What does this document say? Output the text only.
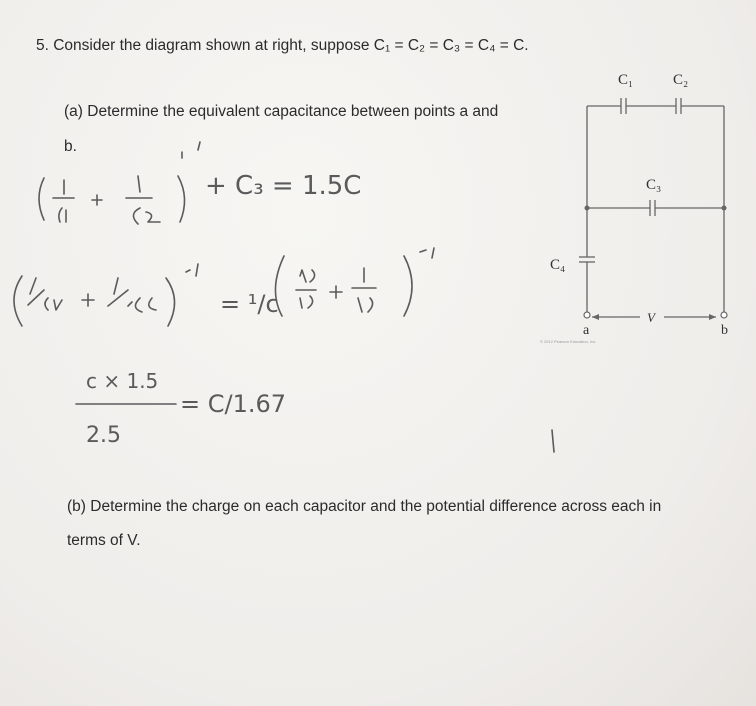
5. Consider the diagram shown at right, suppose C₁ = C₂ = C₃ = C₄ = C.
(a) Determine the equivalent capacitance between points a and
b.
(b) Determine the charge on each capacitor and the potential difference across each in
terms of V.
C₁	C₂
C₃
C₄
V
a	b
© 2012 Pearson Education, Inc.
+ C₃ = 1.5C
= ¹/c
c × 1.5
2.5
= C/1.67
